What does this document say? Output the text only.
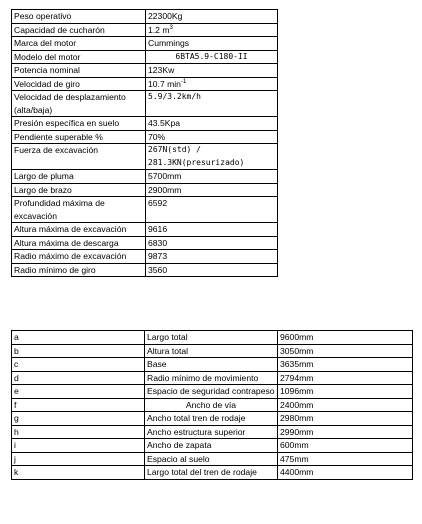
Peso operativo	22300Kg
Capacidad de cucharón	1.2 $m^3$
Marca del motor	Cummings
Modelo del motor	6BTA5.9-C180-II
Potencia nominal	123Kw
Velocidad de giro	10.7 $\min^{-1}$
Velocidad de desplazamiento (alta/baja)	5.9/3.2km/h
Presión específica en suelo	43.5Kpa
Pendiente superable %	70%
Fuerza de excavación	267N(std) / 281.3KN(presurizado)
Largo de pluma	5700mm
Largo de brazo	2900mm
Profundidad máxima de excavación	6592
Altura máxima de excavación	9616
Altura máxima de descarga	6830
Radio máximo de excavación	9873
Radio mínimo de giro	3560
a	Largo total	9600mm
b	Altura total	3050mm
c	Base	3635mm
d	Radio mínimo de movimiento	2794mm
e	Espacio de seguridad contrapeso	1096mm
f	Ancho de vía	2400mm
g	Ancho total tren de rodaje	2980mm
h	Ancho estructura superior	2990mm
i	Ancho de zapata	600mm
j	Espacio al suelo	475mm
k	Largo total del tren de rodaje	4400mm
